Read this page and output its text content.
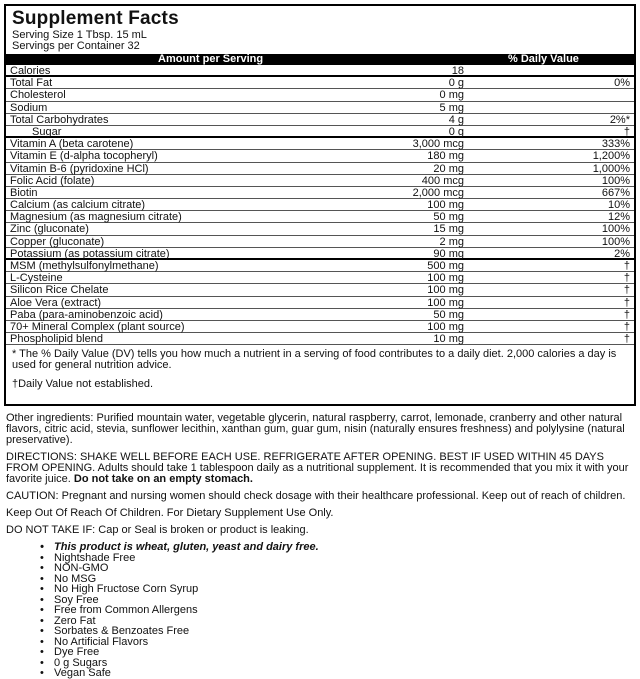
Supplement Facts
Serving Size 1 Tbsp. 15 mL
Servings per Container 32
Amount per Serving	% Daily Value
Calories	18
Total Fat	0 g	0%
Cholesterol	0 mg
Sodium	5 mg
Total Carbohydrates	4 g	2%*
Sugar	0 g	†
Vitamin A (beta carotene)	3,000 mcg	333%
Vitamin E (d-alpha tocopheryl)	180 mg	1,200%
Vitamin B-6 (pyridoxine HCl)	20 mg	1,000%
Folic Acid (folate)	400 mcg	100%
Biotin	2,000 mcg	667%
Calcium (as calcium citrate)	100 mg	10%
Magnesium (as magnesium citrate)	50 mg	12%
Zinc (gluconate)	15 mg	100%
Copper (gluconate)	2 mg	100%
Potassium (as potassium citrate)	90 mg	2%
MSM (methylsulfonylmethane)	500 mg	†
L-Cysteine	100 mg	†
Silicon Rice Chelate	100 mg	†
Aloe Vera (extract)	100 mg	†
Paba (para-aminobenzoic acid)	50 mg	†
70+ Mineral Complex (plant source)	100 mg	†
Phospholipid blend	10 mg	†
* The % Daily Value (DV) tells you how much a nutrient in a serving of food contributes to a daily diet. 2,000 calories a day is used for general nutrition advice.
†Daily Value not established.

Other ingredients: Purified mountain water, vegetable glycerin, natural raspberry, carrot, lemonade, cranberry and other natural flavors, citric acid, stevia, sunflower lecithin, xanthan gum, guar gum, nisin (naturally ensures freshness) and polylysine (natural preservative).

DIRECTIONS: SHAKE WELL BEFORE EACH USE. REFRIGERATE AFTER OPENING. BEST IF USED WITHIN 45 DAYS FROM OPENING. Adults should take 1 tablespoon daily as a nutritional supplement. It is recommended that you mix it with your favorite juice. Do not take on an empty stomach.

CAUTION: Pregnant and nursing women should check dosage with their healthcare professional. Keep out of reach of children.

Keep Out Of Reach Of Children. For Dietary Supplement Use Only.

DO NOT TAKE IF: Cap or Seal is broken or product is leaking.

• This product is wheat, gluten, yeast and dairy free.
• Nightshade Free
• NON-GMO
• No MSG
• No High Fructose Corn Syrup
• Soy Free
• Free from Common Allergens
• Zero Fat
• Sorbates & Benzoates Free
• No Artificial Flavors
• Dye Free
• 0 g Sugars
• Vegan Safe
